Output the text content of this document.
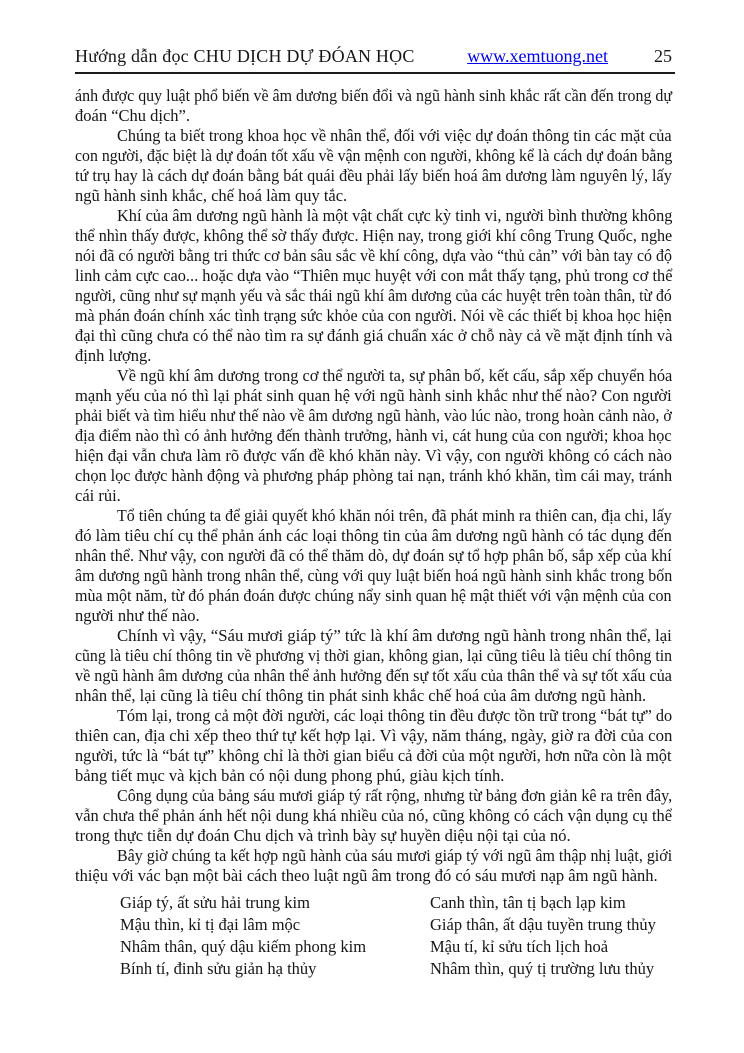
Hướng dẫn đọc CHU DỊCH DỰ ĐÓAN HỌC	www.xemtuong.net	25
ánh được quy luật phổ biến về âm dương biến đổi và ngũ hành sinh khắc rất cần đến trong dự
đoán “Chu dịch”.
Chúng ta biết trong khoa học về nhân thể, đối với việc dự đoán thông tin các mặt của
con người, đặc biệt là dự đoán tốt xấu về vận mệnh con người, không kể là cách dự đoán bằng
tứ trụ hay là cách dự đoán bằng bát quái đều phải lấy biến hoá âm dương làm nguyên lý, lấy
ngũ hành sinh khắc, chế hoá làm quy tắc.
Khí của âm dương ngũ hành là một vật chất cực kỳ tinh vi, người bình thường không
thể nhìn thấy được, không thể sờ thấy được. Hiện nay, trong giới khí công Trung Quốc, nghe
nói đã có người bằng tri thức cơ bản sâu sắc về khí công, dựa vào “thủ cản” với bàn tay có độ
linh cảm cực cao... hoặc dựa vào “Thiên mục huyệt với con mắt thấy tạng, phủ trong cơ thể
người, cũng như sự mạnh yếu và sắc thái ngũ khí âm dương của các huyệt trên toàn thân, từ đó
mà phán đoán chính xác tình trạng sức khỏe của con người. Nói về các thiết bị khoa học hiện
đại thì cũng chưa có thể nào tìm ra sự đánh giá chuẩn xác ở chỗ này cả về mặt định tính và
định lượng.
Về ngũ khí âm dương trong cơ thể người ta, sự phân bố, kết cấu, sắp xếp chuyển hóa
mạnh yếu của nó thì lại phát sinh quan hệ với ngũ hành sinh khắc như thế nào? Con người
phải biết và tìm hiểu như thế nào về âm dương ngũ hành, vào lúc nào, trong hoàn cảnh nào, ở
địa điểm nào thì có ảnh hưởng đến thành trưởng, hành vi, cát hung của con người; khoa học
hiện đại vẫn chưa làm rõ được vấn đề khó khăn này. Vì vậy, con người không có cách nào
chọn lọc được hành động và phương pháp phòng tai nạn, tránh khó khăn, tìm cái may, tránh
cái rủi.
Tổ tiên chúng ta để giải quyết khó khăn nói trên, đã phát minh ra thiên can, địa chi, lấy
đó làm tiêu chí cụ thể phản ánh các loại thông tin của âm dương ngũ hành có tác dụng đến
nhân thể. Như vậy, con người đã có thể thăm dò, dự đoán sự tổ hợp phân bố, sắp xếp của khí
âm dương ngũ hành trong nhân thể, cùng với quy luật biến hoá ngũ hành sinh khắc trong bốn
mùa một năm, từ đó phán đoán được chúng nẩy sinh quan hệ mật thiết với vận mệnh của con
người như thế nào.
Chính vì vậy, “Sáu mươi giáp tý” tức là khí âm dương ngũ hành trong nhân thể, lại
cũng là tiêu chí thông tin về phương vị thời gian, không gian, lại cũng tiêu là tiêu chí thông tin
về ngũ hành âm dương của nhân thể ảnh hưởng đến sự tốt xấu của thân thể và sự tốt xấu của
nhân thể, lại cũng là tiêu chí thông tin phát sinh khắc chế hoá của âm dương ngũ hành.
Tóm lại, trong cả một đời người, các loại thông tin đều được tồn trữ trong “bát tự” do
thiên can, địa chi xếp theo thứ tự kết hợp lại. Vì vậy, năm tháng, ngày, giờ ra đời của con
người, tức là “bát tự” không chỉ là thời gian biểu cả đời của một người, hơn nữa còn là một
bảng tiết mục và kịch bản có nội dung phong phú, giàu kịch tính.
Công dụng của bảng sáu mươi giáp tý rất rộng, nhưng từ bảng đơn giản kê ra trên đây,
vẫn chưa thể phản ánh hết nội dung khá nhiều của nó, cũng không có cách vận dụng cụ thể
trong thực tiễn dự đoán Chu dịch và trình bày sự huyền diệu nội tại của nó.
Bây giờ chúng ta kết hợp ngũ hành của sáu mươi giáp tý với ngũ âm thập nhị luật, giới
thiệu với vác bạn một bài cách theo luật ngũ âm trong đó có sáu mươi nạp âm ngũ hành.
Giáp tý, ất sửu hải trung kim
Mậu thìn, kỉ tị đại lâm mộc
Nhâm thân, quý dậu kiếm phong kim
Bính tí, đinh sửu giản hạ thủy
Canh thìn, tân tị bạch lạp kim
Giáp thân, ất dậu tuyền trung thủy
Mậu tí, kỉ sửu tích lịch hoả
Nhâm thìn, quý tị trường lưu thủy
